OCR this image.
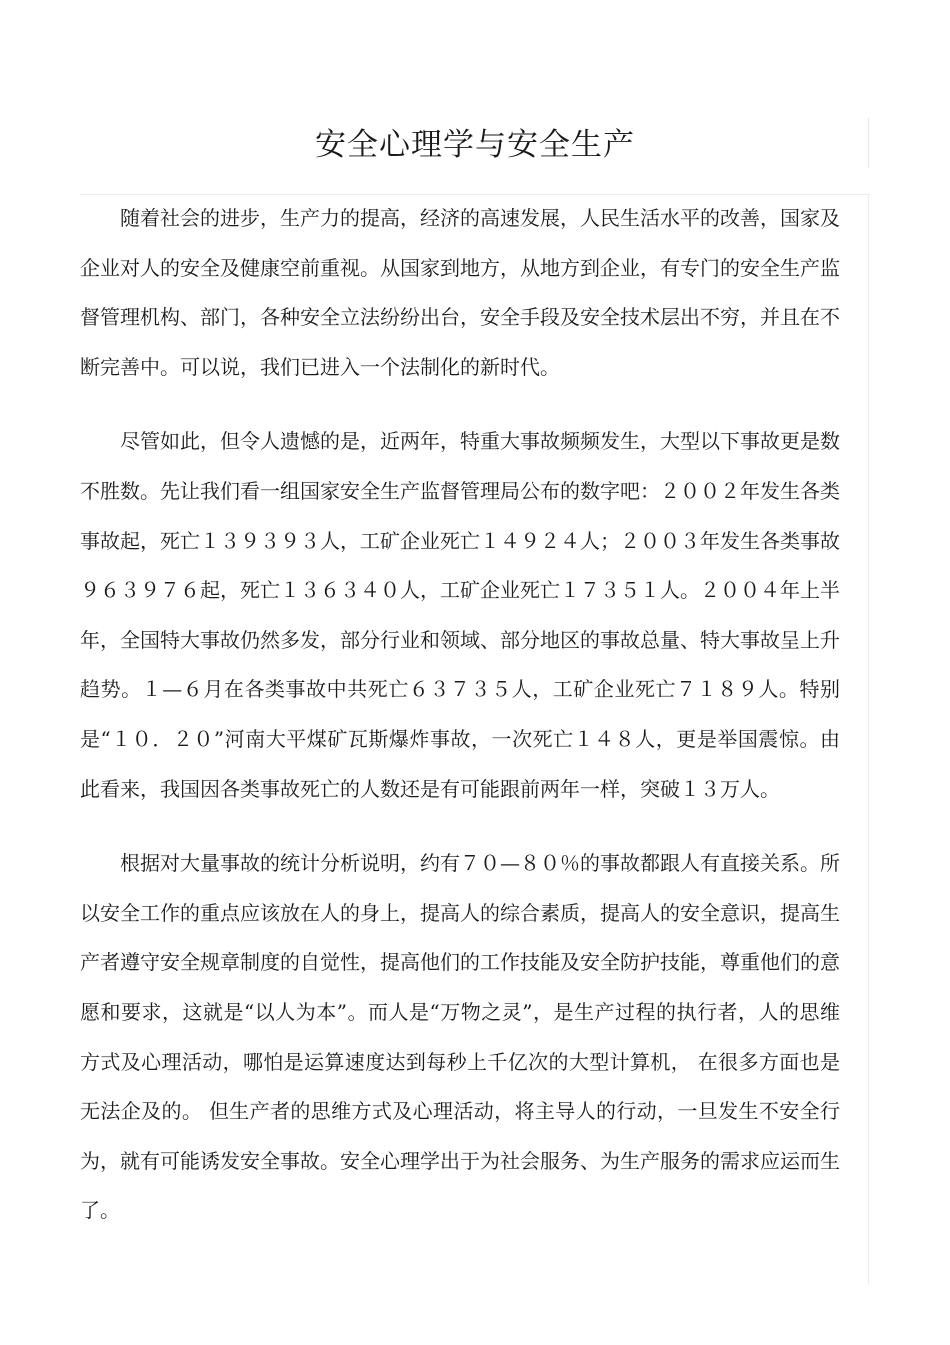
安全心理学与安全生产

随着社会的进步，生产力的提高，经济的高速发展，人民生活水平的改善，国家及企业对人的安全及健康空前重视。从国家到地方，从地方到企业，有专门的安全生产监督管理机构、部门，各种安全立法纷纷出台，安全手段及安全技术层出不穷，并且在不断完善中。可以说，我们已进入一个法制化的新时代。

尽管如此，但令人遗憾的是，近两年，特重大事故频频发生，大型以下事故更是数不胜数。先让我们看一组国家安全生产监督管理局公布的数字吧：２００２年发生各类事故起，死亡１３９３９３人，工矿企业死亡１４９２４人；２００３年发生各类事故９６３９７６起，死亡１３６３４０人，工矿企业死亡１７３５１人。２００４年上半年，全国特大事故仍然多发，部分行业和领域、部分地区的事故总量、特大事故呈上升趋势。１—６月在各类事故中共死亡６３７３５人，工矿企业死亡７１８９人。特别是“１０．２０”河南大平煤矿瓦斯爆炸事故，一次死亡１４８人，更是举国震惊。由此看来，我国因各类事故死亡的人数还是有可能跟前两年一样，突破１３万人。

根据对大量事故的统计分析说明，约有７０—８０％的事故都跟人有直接关系。所以安全工作的重点应该放在人的身上，提高人的综合素质，提高人的安全意识，提高生产者遵守安全规章制度的自觉性，提高他们的工作技能及安全防护技能，尊重他们的意愿和要求，这就是“以人为本”。而人是“万物之灵”，是生产过程的执行者，人的思维方式及心理活动，哪怕是运算速度达到每秒上千亿次的大型计算机， 在很多方面也是无法企及的。 但生产者的思维方式及心理活动，将主导人的行动，一旦发生不安全行为，就有可能诱发安全事故。安全心理学出于为社会服务、为生产服务的需求应运而生了。
